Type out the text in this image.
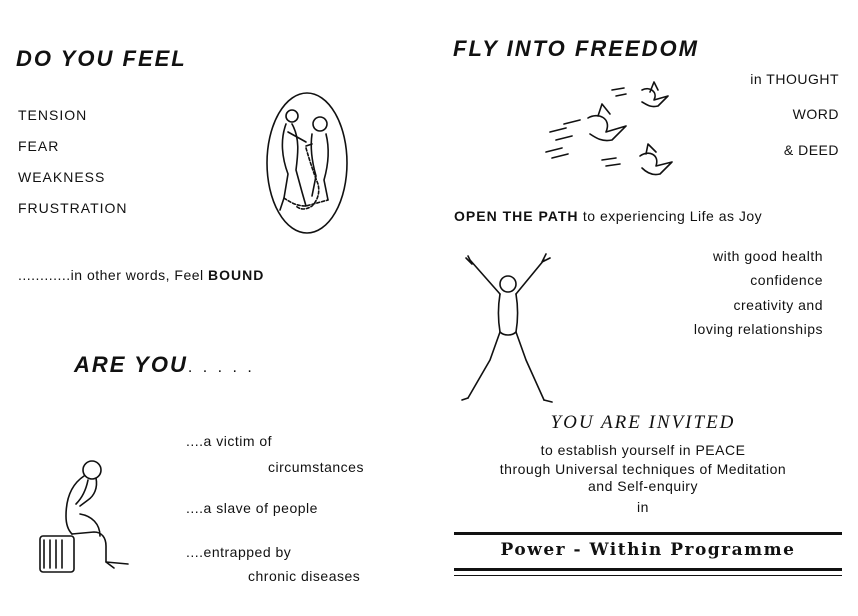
DO YOU FEEL
TENSION
FEAR
WEAKNESS
FRUSTRATION
............in other words, Feel BOUND
ARE YOU. . . . .
....a victim of
circumstances
....a slave of people
....entrapped by
chronic diseases
FLY INTO FREEDOM
in THOUGHT
WORD
& DEED
OPEN THE PATH to experiencing Life as Joy
with good health
confidence
creativity and
loving relationships
YOU ARE INVITED
to establish yourself in PEACE
through Universal techniques of Meditation
and Self-enquiry
in
Power - Within Programme
